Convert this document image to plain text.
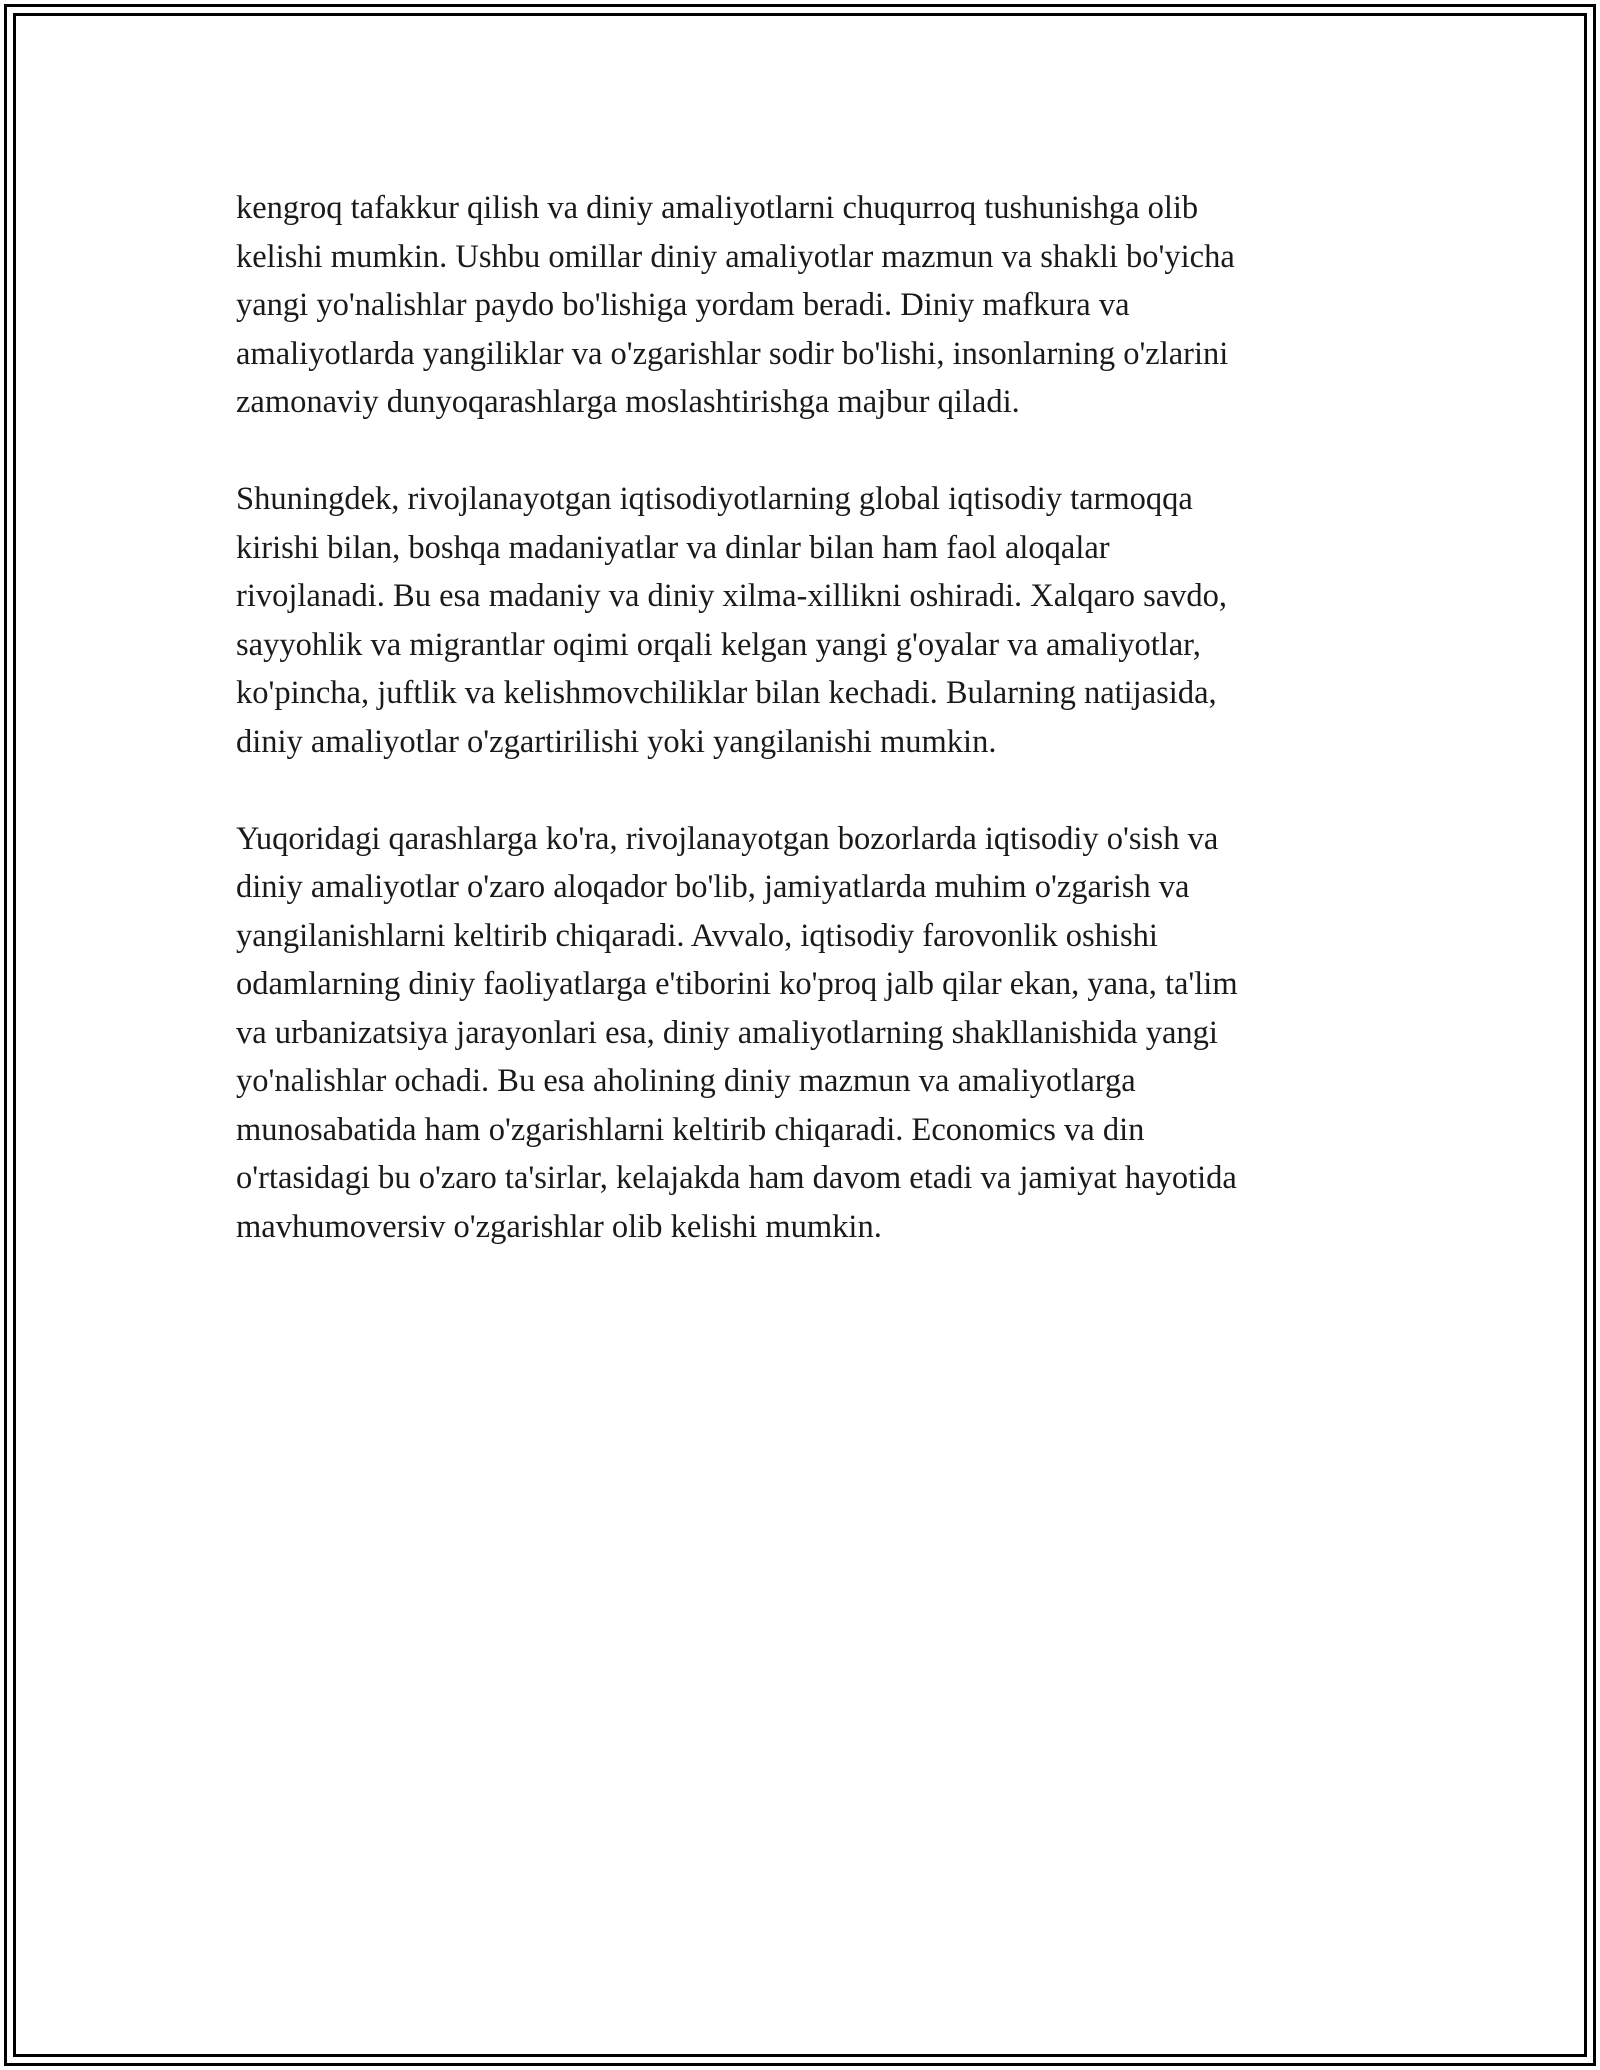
kengroq tafakkur qilish va diniy amaliyotlarni chuqurroq tushunishga olib
kelishi mumkin. Ushbu omillar diniy amaliyotlar mazmun va shakli bo'yicha
yangi yo'nalishlar paydo bo'lishiga yordam beradi. Diniy mafkura va
amaliyotlarda yangiliklar va o'zgarishlar sodir bo'lishi, insonlarning o'zlarini
zamonaviy dunyoqarashlarga moslashtirishga majbur qiladi.

Shuningdek, rivojlanayotgan iqtisodiyotlarning global iqtisodiy tarmoqqa
kirishi bilan, boshqa madaniyatlar va dinlar bilan ham faol aloqalar
rivojlanadi. Bu esa madaniy va diniy xilma-xillikni oshiradi. Xalqaro savdo,
sayyohlik va migrantlar oqimi orqali kelgan yangi g'oyalar va amaliyotlar,
ko'pincha, juftlik va kelishmovchiliklar bilan kechadi. Bularning natijasida,
diniy amaliyotlar o'zgartirilishi yoki yangilanishi mumkin.

Yuqoridagi qarashlarga ko'ra, rivojlanayotgan bozorlarda iqtisodiy o'sish va
diniy amaliyotlar o'zaro aloqador bo'lib, jamiyatlarda muhim o'zgarish va
yangilanishlarni keltirib chiqaradi. Avvalo, iqtisodiy farovonlik oshishi
odamlarning diniy faoliyatlarga e'tiborini ko'proq jalb qilar ekan, yana, ta'lim
va urbanizatsiya jarayonlari esa, diniy amaliyotlarning shakllanishida yangi
yo'nalishlar ochadi. Bu esa aholining diniy mazmun va amaliyotlarga
munosabatida ham o'zgarishlarni keltirib chiqaradi. Economics va din
o'rtasidagi bu o'zaro ta'sirlar, kelajakda ham davom etadi va jamiyat hayotida
mavhumoversiv o'zgarishlar olib kelishi mumkin.
